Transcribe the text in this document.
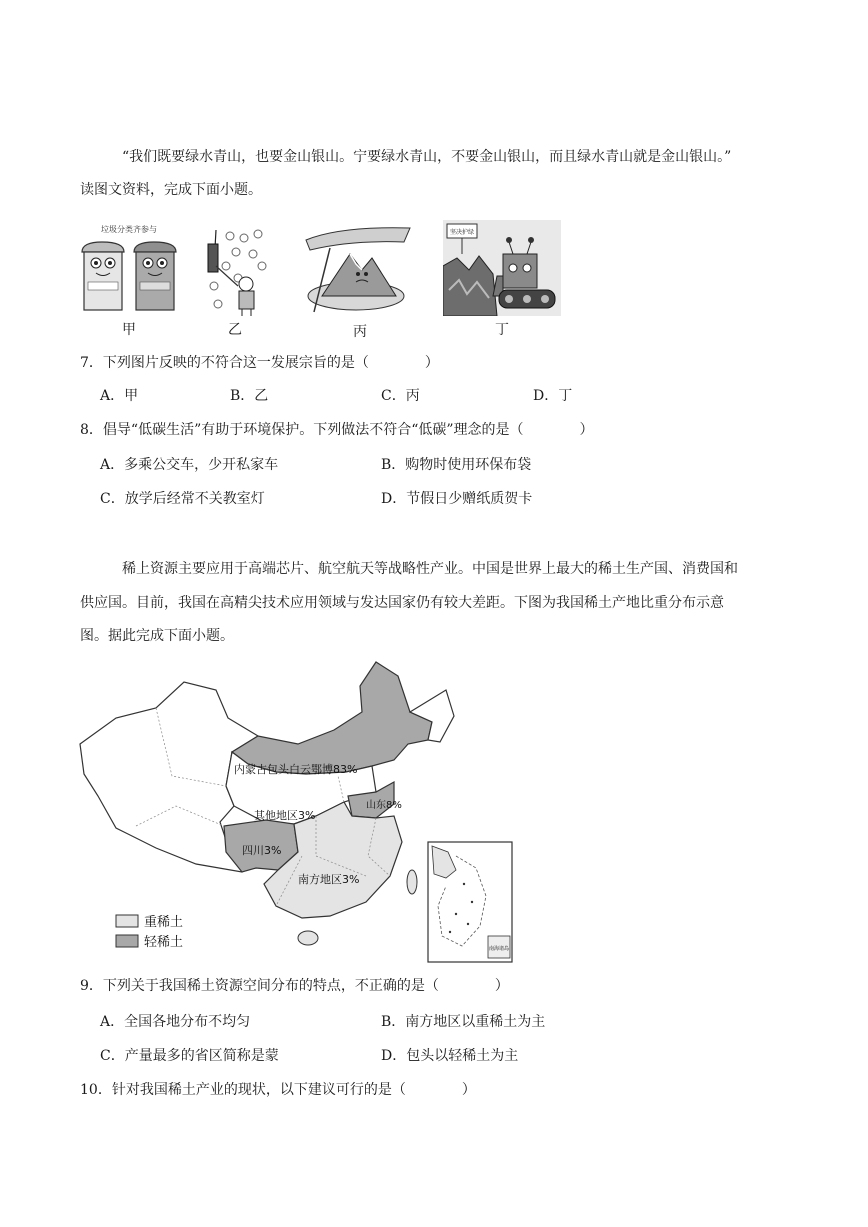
“我们既要绿水青山，也要金山银山。宁要绿水青山，不要金山银山，而且绿水青山就是金山银山。”
读图文资料，完成下面小题。
垃圾分类齐参与
甲	乙	丙
坚决护绿
丁
7．下列图片反映的不符合这一发展宗旨的是（　　　　）
A．甲	B．乙	C．丙	D．丁
8．倡导“低碳生活”有助于环境保护。下列做法不符合“低碳”理念的是（　　　　）
A．多乘公交车，少开私家车	B．购物时使用环保布袋
C．放学后经常不关教室灯	D．节假日少赠纸质贺卡
稀上资源主要应用于高端芯片、航空航天等战略性产业。中国是世界上最大的稀土生产国、消费国和
供应国。目前，我国在高精尖技术应用领域与发达国家仍有较大差距。下图为我国稀土产地比重分布示意
图。据此完成下面小题。
内蒙古包头白云鄂博83%
其他地区3%
山东8%
四川3%
南方地区3%
重稀土
轻稀土	南海诸岛
9．下列关于我国稀土资源空间分布的特点，不正确的是（　　　　）
A．全国各地分布不均匀	B．南方地区以重稀土为主
C．产量最多的省区简称是蒙	D．包头以轻稀土为主
10．针对我国稀土产业的现状，以下建议可行的是（　　　　）
